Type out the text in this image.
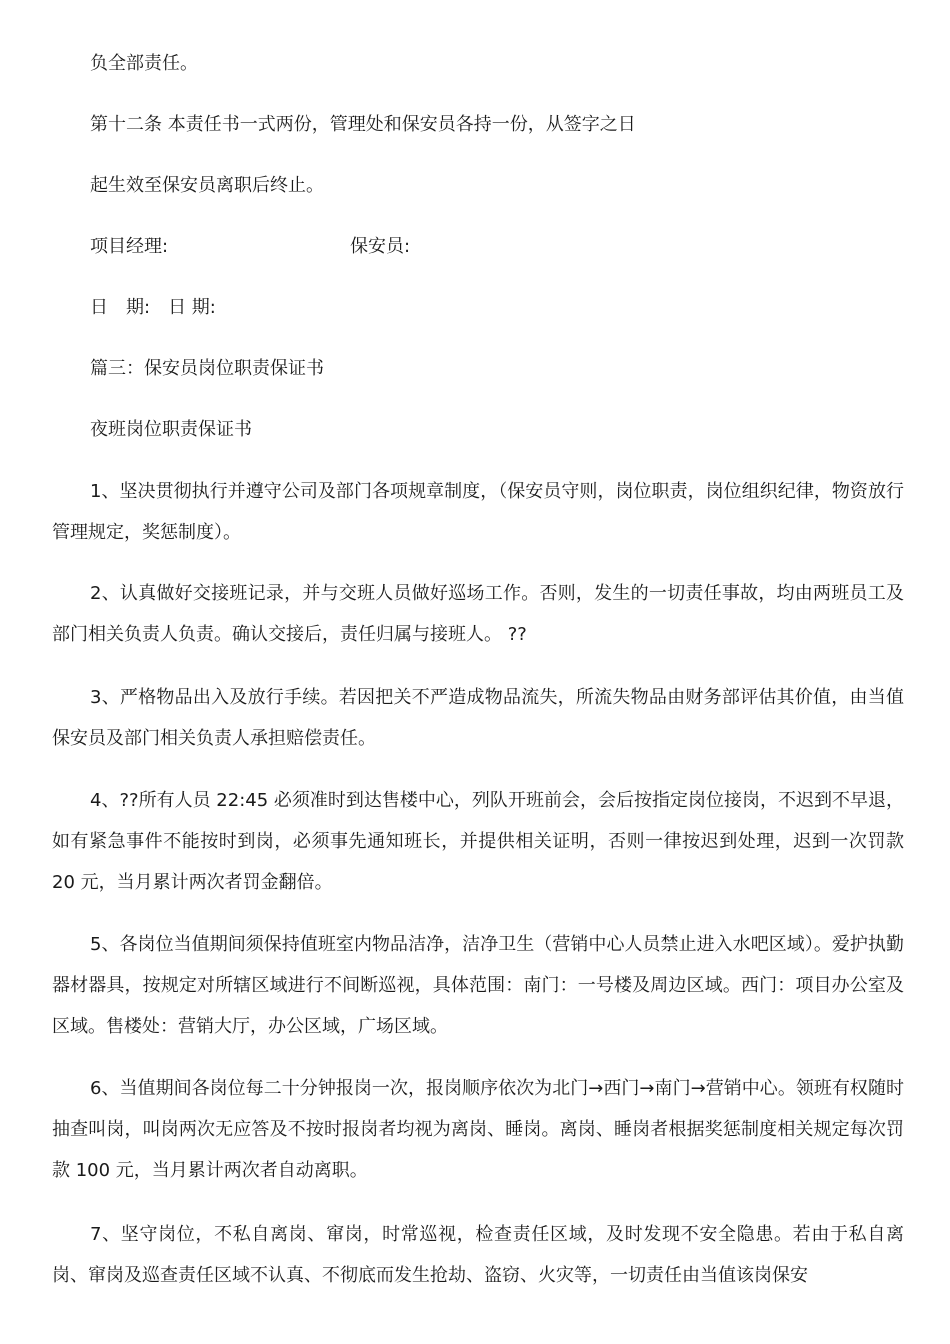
负全部责任。
第十二条 本责任书一式两份，管理处和保安员各持一份，从签字之日
起生效至保安员离职后终止。
项目经理:	保安员:
日　期:　日 期:
篇三：保安员岗位职责保证书
夜班岗位职责保证书

1、坚决贯彻执行并遵守公司及部门各项规章制度，（保安员守则，岗位职责，岗位组织纪律，物资放行管理规定，奖惩制度）。

2、认真做好交接班记录，并与交班人员做好巡场工作。否则，发生的一切责任事故，均由两班员工及部门相关负责人负责。确认交接后，责任归属与接班人。 ??

3、严格物品出入及放行手续。若因把关不严造成物品流失，所流失物品由财务部评估其价值，由当值保安员及部门相关负责人承担赔偿责任。

4、??所有人员 22:45 必须准时到达售楼中心，列队开班前会，会后按指定岗位接岗，不迟到不早退，如有紧急事件不能按时到岗，必须事先通知班长，并提供相关证明，否则一律按迟到处理，迟到一次罚款 20 元，当月累计两次者罚金翻倍。

5、各岗位当值期间须保持值班室内物品洁净，洁净卫生（营销中心人员禁止进入水吧区域）。爱护执勤器材器具，按规定对所辖区域进行不间断巡视，具体范围：南门：一号楼及周边区域。西门：项目办公室及区域。售楼处：营销大厅，办公区域，广场区域。

6、当值期间各岗位每二十分钟报岗一次，报岗顺序依次为北门→西门→南门→营销中心。领班有权随时抽查叫岗，叫岗两次无应答及不按时报岗者均视为离岗、睡岗。离岗、睡岗者根据奖惩制度相关规定每次罚款 100 元，当月累计两次者自动离职。

7、坚守岗位，不私自离岗、窜岗，时常巡视，检查责任区域，及时发现不安全隐患。若由于私自离岗、窜岗及巡查责任区域不认真、不彻底而发生抢劫、盗窃、火灾等，一切责任由当值该岗保安
